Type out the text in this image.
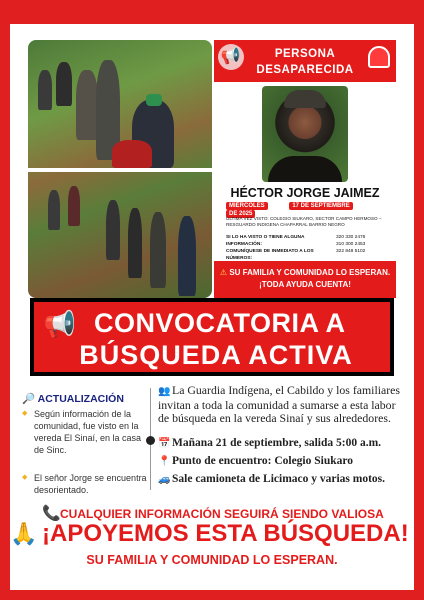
📢	PERSONA DESAPARECIDA
HÉCTOR JORGE JAIMEZ
MIÉRCOLES	17 DE SEPTIEMBRE DE 2025
ÚLTIMA VEZ VISTO: COLEGIO SIUKARO, SECTOR CAMPO HERMOSO – RESGUARDO INDIGENA CHAPARRAL BARRIO NEGRO
SI LO HA VISTO O TIENE ALGUNA INFORMACIÓN:
COMUNÍQUESE DE INMEDIATO A LOS NÚMEROS:
320 330 2476
310 300 2453
322 848 5102
⚠ SU FAMILIA Y COMUNIDAD LO ESPERAN.
¡TODA AYUDA CUENTA!
📢 CONVOCATORIA A
BÚSQUEDA ACTIVA
🔎 ACTUALIZACIÓN
◆ Según información de la comunidad, fue visto en la vereda El Sinaí, en la casa de Sinc.
◆ El señor Jorge se encuentra desorientado.
👥 La Guardia Indígena, el Cabildo y los familiares invitan a toda la comunidad a sumarse a esta labor de búsqueda en la vereda Sinaí y sus alrededores.
📅 Mañana 21 de septiembre, salida 5:00 a.m.
📍 Punto de encuentro: Colegio Siukaro
🚙 Sale camioneta de Licimaco y varias motos.
📞CUALQUIER INFORMACIÓN SEGUIRÁ SIENDO VALIOSA
🙏 ¡APOYEMOS ESTA BÚSQUEDA!
SU FAMILIA Y COMUNIDAD LO ESPERAN.
